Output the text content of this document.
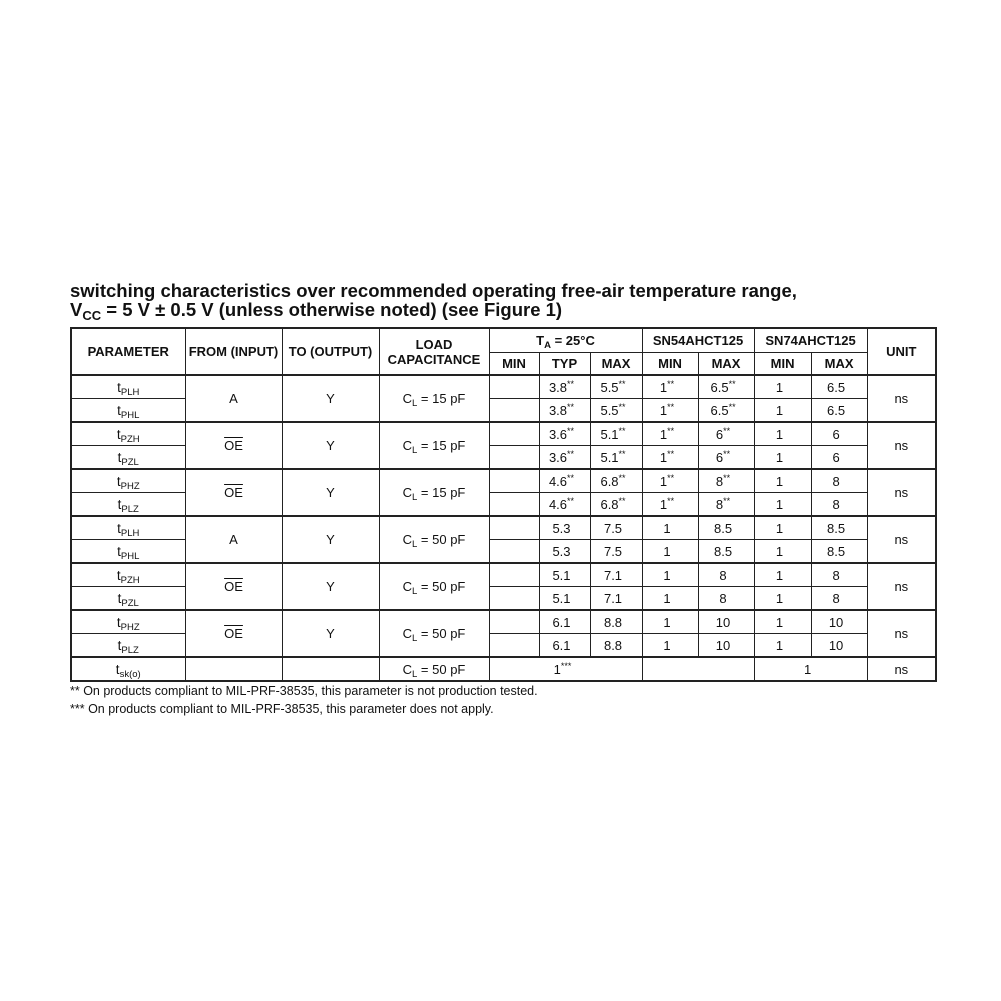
switching characteristics over recommended operating free-air temperature range,
$V_{CC} = 5$ V ± 0.5 V (unless otherwise noted) (see Figure 1)
PARAMETER	FROM (INPUT)	TO (OUTPUT)	LOAD CAPACITANCE	$T_A = 25^\circ C$			SN54AHCT125		SN74AHCT125		UNIT
				MIN	TYP	MAX	MIN	MAX	MIN	MAX	
$t_{PLH}$	A	Y	$C_L = 15$ pF		3.8**	5.5**	1**	6.5**	1	6.5	ns
$t_{PHL}$					3.8**	5.5**	1**	6.5**	1	6.5	
$t_{PZH}$	$\overline{OE}$	Y	$C_L = 15$ pF		3.6**	5.1**	1**	6**	1	6	ns
$t_{PZL}$					3.6**	5.1**	1**	6**	1	6	
$t_{PHZ}$	$\overline{OE}$	Y	$C_L = 15$ pF		4.6**	6.8**	1**	8**	1	8	ns
$t_{PLZ}$					4.6**	6.8**	1**	8**	1	8	
$t_{PLH}$	A	Y	$C_L = 50$ pF		5.3	7.5	1	8.5	1	8.5	ns
$t_{PHL}$					5.3	7.5	1	8.5	1	8.5	
$t_{PZH}$	$\overline{OE}$	Y	$C_L = 50$ pF		5.1	7.1	1	8	1	8	ns
$t_{PZL}$					5.1	7.1	1	8	1	8	
$t_{PHZ}$	$\overline{OE}$	Y	$C_L = 50$ pF		6.1	8.8	1	10	1	10	ns
$t_{PLZ}$					6.1	8.8	1	10	1	10	
$t_{sk(o)}$			$C_L = 50$ pF	1***					1		ns
** On products compliant to MIL-PRF-38535, this parameter is not production tested.
*** On products compliant to MIL-PRF-38535, this parameter does not apply.
